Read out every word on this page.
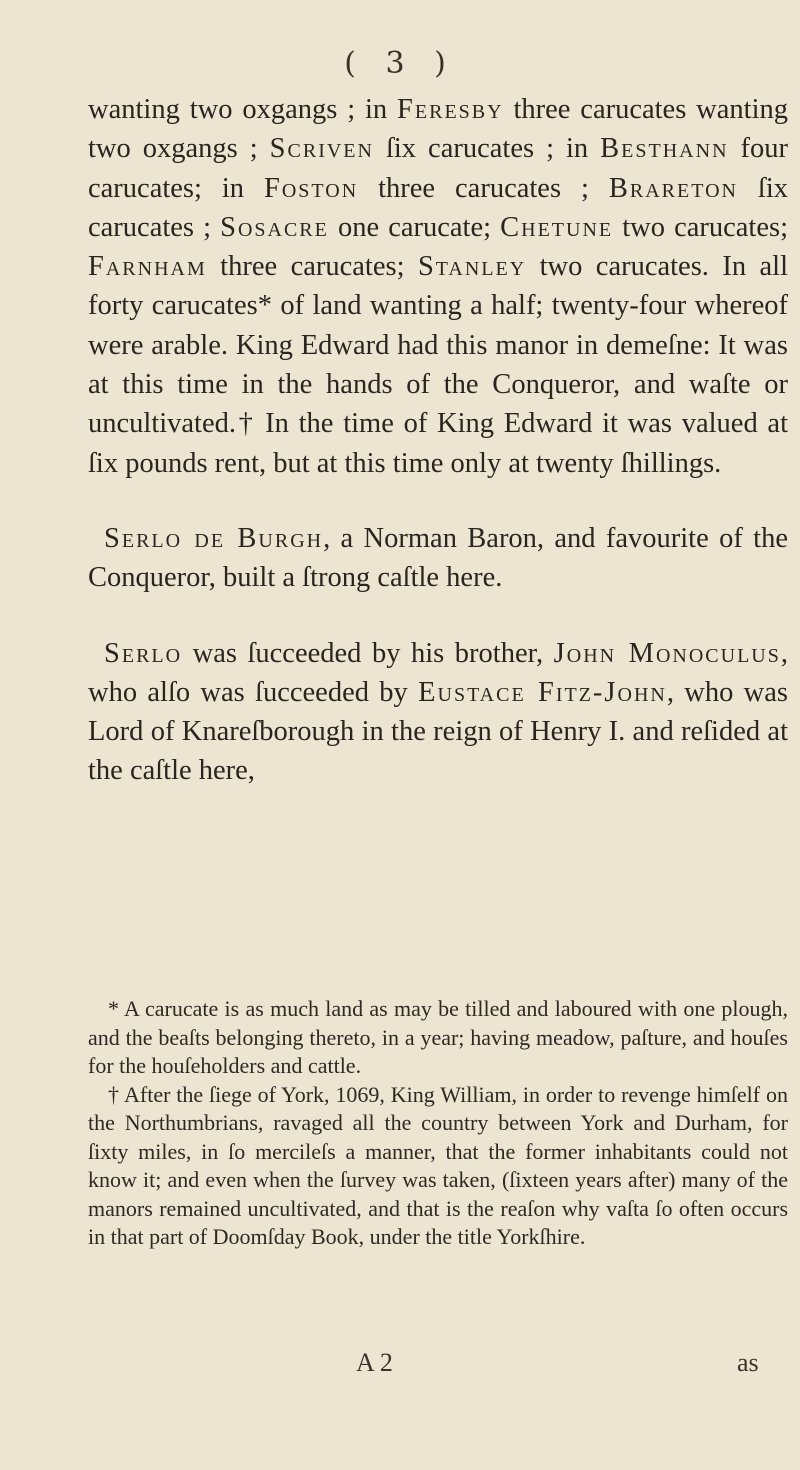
( 3 )

wanting two oxgangs ; in Feresby three carucates wanting two oxgangs ; Scriven ſix carucates ; in Besthann four carucates; in Foston three carucates ; Brareton ſix carucates ; Sosacre one carucate; Chetune two carucates; Farnham three carucates; Stanley two carucates. In all forty carucates* of land wanting a half; twenty-four whereof were arable. King Edward had this manor in demeſne: It was at this time in the hands of the Conqueror, and waſte or uncultivated.† In the time of King Edward it was valued at ſix pounds rent, but at this time only at twenty ſhillings.

Serlo de Burgh, a Norman Baron, and favourite of the Conqueror, built a ſtrong caſtle here.

Serlo was ſucceeded by his brother, John Monoculus, who alſo was ſucceeded by Eustace Fitz-John, who was Lord of Knareſborough in the reign of Henry I. and reſided at the caſtle here,

* A carucate is as much land as may be tilled and laboured with one plough, and the beaſts belonging thereto, in a year; having meadow, paſture, and houſes for the houſeholders and cattle.

† After the ſiege of York, 1069, King William, in order to revenge himſelf on the Northumbrians, ravaged all the country between York and Durham, for ſixty miles, in ſo mercileſs a manner, that the former inhabitants could not know it; and even when the ſurvey was taken, (ſixteen years after) many of the manors remained uncultivated, and that is the reaſon why vaſta ſo often occurs in that part of Doomſday Book, under the title Yorkſhire.

A 2	as
